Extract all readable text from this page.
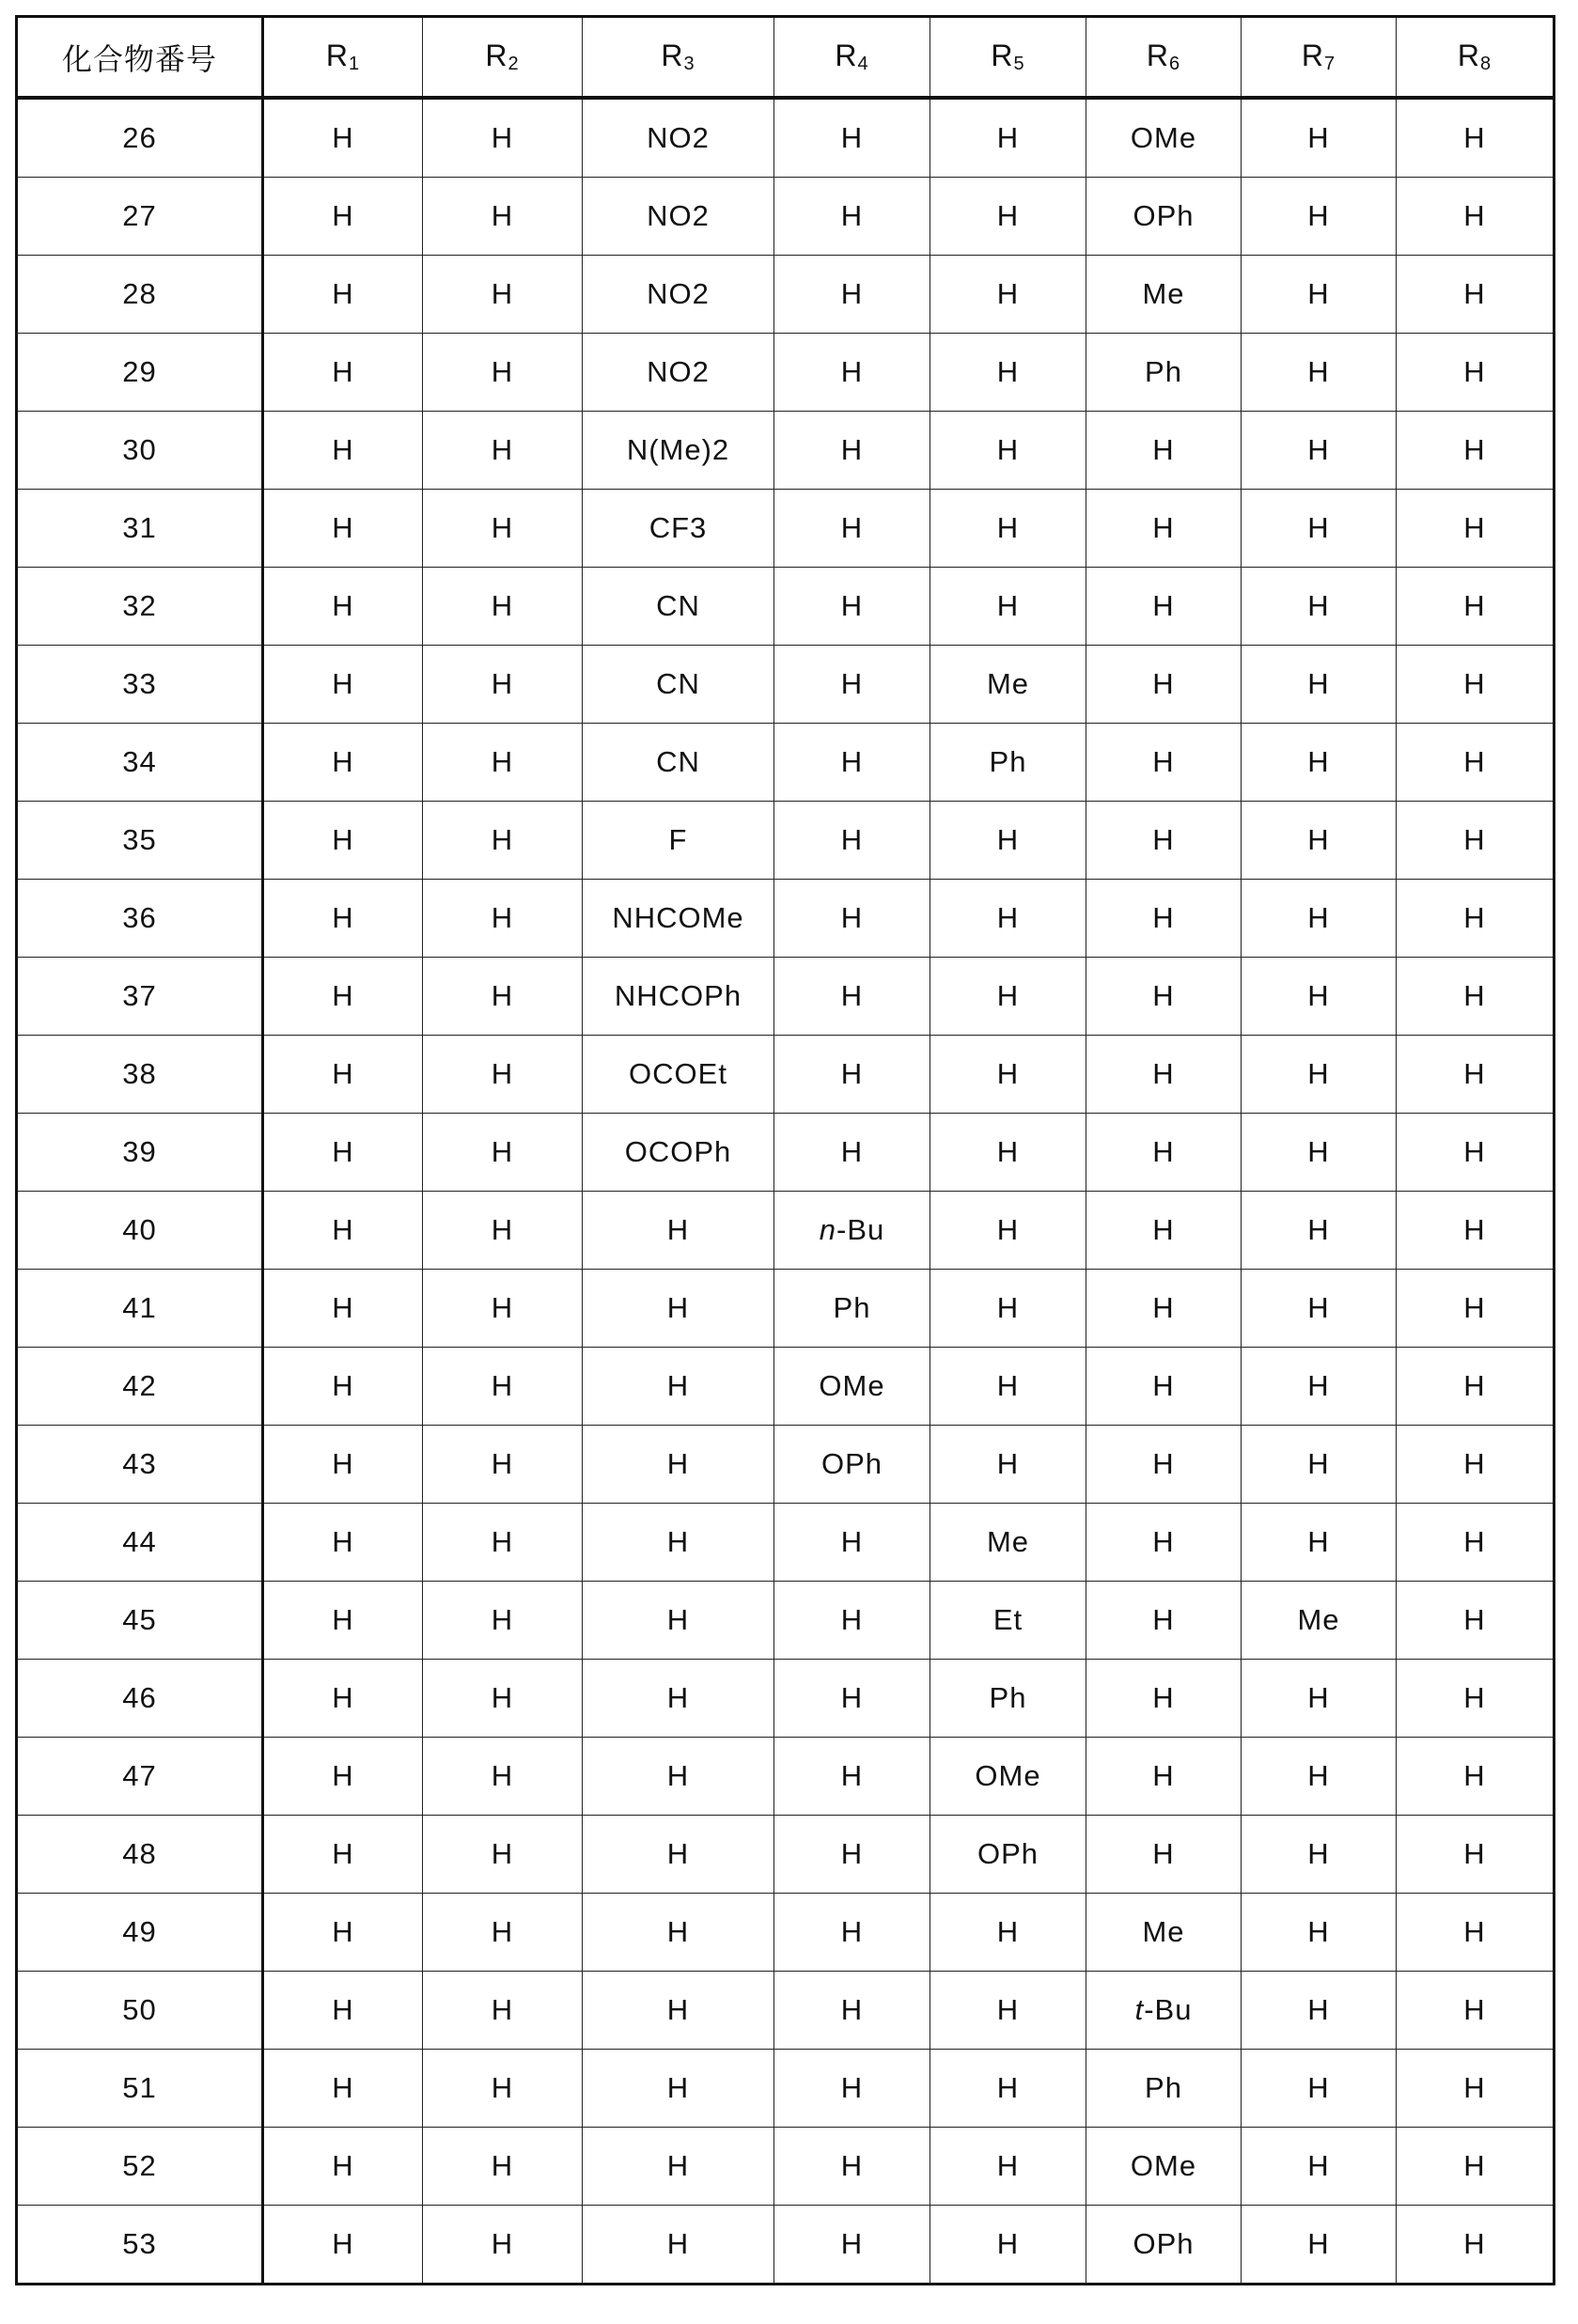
化合物番号	R1	R2	R3	R4	R5	R6	R7	R8
26	H	H	NO2	H	H	OMe	H	H
27	H	H	NO2	H	H	OPh	H	H
28	H	H	NO2	H	H	Me	H	H
29	H	H	NO2	H	H	Ph	H	H
30	H	H	N(Me)2	H	H	H	H	H
31	H	H	CF3	H	H	H	H	H
32	H	H	CN	H	H	H	H	H
33	H	H	CN	H	Me	H	H	H
34	H	H	CN	H	Ph	H	H	H
35	H	H	F	H	H	H	H	H
36	H	H	NHCOMe	H	H	H	H	H
37	H	H	NHCOPh	H	H	H	H	H
38	H	H	OCOEt	H	H	H	H	H
39	H	H	OCOPh	H	H	H	H	H
40	H	H	H	n-Bu	H	H	H	H
41	H	H	H	Ph	H	H	H	H
42	H	H	H	OMe	H	H	H	H
43	H	H	H	OPh	H	H	H	H
44	H	H	H	H	Me	H	H	H
45	H	H	H	H	Et	H	Me	H
46	H	H	H	H	Ph	H	H	H
47	H	H	H	H	OMe	H	H	H
48	H	H	H	H	OPh	H	H	H
49	H	H	H	H	H	Me	H	H
50	H	H	H	H	H	t-Bu	H	H
51	H	H	H	H	H	Ph	H	H
52	H	H	H	H	H	OMe	H	H
53	H	H	H	H	H	OPh	H	H
